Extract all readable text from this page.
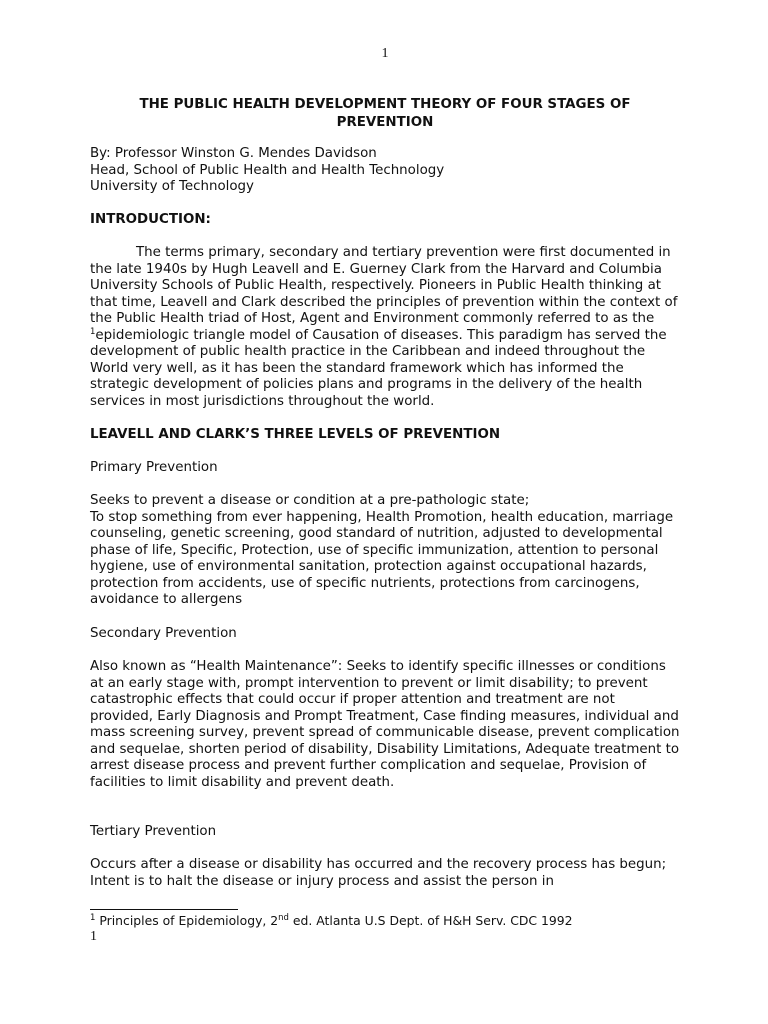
1
THE PUBLIC HEALTH DEVELOPMENT THEORY OF FOUR STAGES OF
PREVENTION
By: Professor Winston G. Mendes Davidson
Head, School of Public Health and Health Technology
University of Technology
INTRODUCTION:

The terms primary, secondary and tertiary prevention were first documented in the late 1940s by Hugh Leavell and E. Guerney Clark from the Harvard and Columbia University Schools of Public Health, respectively. Pioneers in Public Health thinking at that time, Leavell and Clark described the principles of prevention within the context of the Public Health triad of Host, Agent and Environment commonly referred to as the $^1$epidemiologic triangle model of Causation of diseases. This paradigm has served the development of public health practice in the Caribbean and indeed throughout the World very well, as it has been the standard framework which has informed the strategic development of policies plans and programs in the delivery of the health services in most jurisdictions throughout the world.

LEAVELL AND CLARK’S THREE LEVELS OF PREVENTION
Primary Prevention

Seeks to prevent a disease or condition at a pre-pathologic state;
To stop something from ever happening, Health Promotion, health education, marriage counseling, genetic screening, good standard of nutrition, adjusted to developmental phase of life, Specific, Protection, use of specific immunization, attention to personal hygiene, use of environmental sanitation, protection against occupational hazards, protection from accidents, use of specific nutrients, protections from carcinogens, avoidance to allergens

Secondary Prevention

Also known as “Health Maintenance”: Seeks to identify specific illnesses or conditions at an early stage with, prompt intervention to prevent or limit disability; to prevent catastrophic effects that could occur if proper attention and treatment are not provided, Early Diagnosis and Prompt Treatment, Case finding measures, individual and mass screening survey, prevent spread of communicable disease, prevent complication and sequelae, shorten period of disability, Disability Limitations, Adequate treatment to arrest disease process and prevent further complication and sequelae, Provision of facilities to limit disability and prevent death.

Tertiary Prevention

Occurs after a disease or disability has occurred and the recovery process has begun; Intent is to halt the disease or injury process and assist the person in

$^1$ Principles of Epidemiology, 2nd ed. Atlanta U.S Dept. of H&H Serv. CDC 1992
1
